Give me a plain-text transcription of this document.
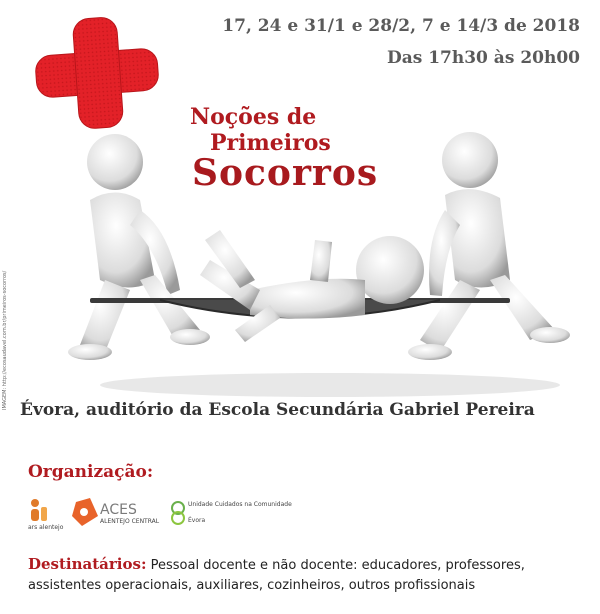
17, 24 e 31/1 e 28/2, 7 e 14/3 de 2018
Das 17h30 às 20h00
IMAGEM: http://ecosaudavel.com.br/primeiros-socorros/
Noções de
Primeiros
Socorros
Évora, auditório da Escola Secundária Gabriel Pereira
Organização:
ars alentejo
ACES
ALENTEJO CENTRAL
Unidade Cuidados na Comunidade
Évora
Destinatários: Pessoal docente e não docente: educadores, professores, assistentes operacionais, auxiliares, cozinheiros, outros profissionais
